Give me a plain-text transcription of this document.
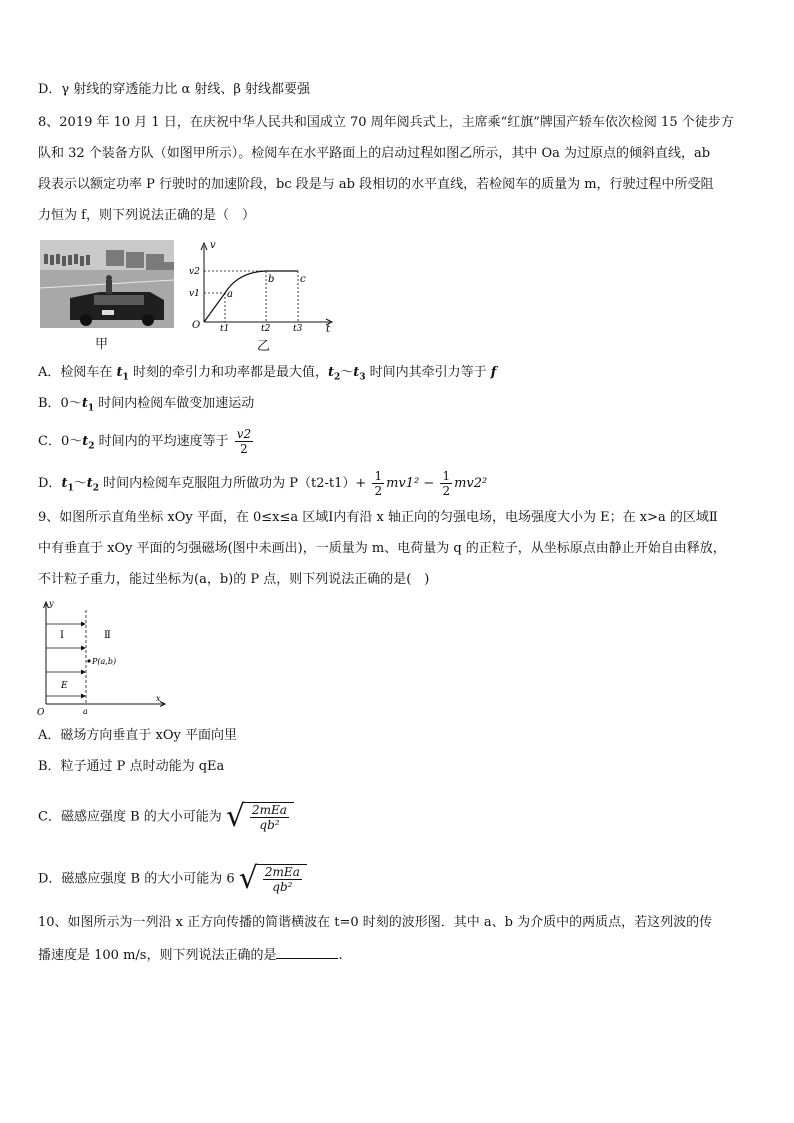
D．γ 射线的穿透能力比 α 射线、β 射线都要强
8、2019 年 10 月 1 日，在庆祝中华人民共和国成立 70 周年阅兵式上，主席乘“红旗”牌国产轿车依次检阅 15 个徒步方
队和 32 个装备方队（如图甲所示）。检阅车在水平路面上的启动过程如图乙所示，其中 Oa 为过原点的倾斜直线，ab
段表示以额定功率 P 行驶时的加速阶段，bc 段是与 ab 段相切的水平直线，若检阅车的质量为 m，行驶过程中所受阻
力恒为 f，则下列说法正确的是（　）
甲
v
t
O
v1
v2
t1	t2	t3
a
b	c
乙
A．检阅车在 $t_1$ 时刻的牵引力和功率都是最大值，$t_2\sim t_3$ 时间内其牵引力等于 f
B．$0\sim t_1$ 时间内检阅车做变加速运动
C．$0\sim t_2$ 时间内的平均速度等于 $\frac{v2}{2}$
D．$t_1\sim t_2$ 时间内检阅车克服阻力所做功为 $P(t2-t1)+ \frac{1}{2} mv1^2 - \frac{1}{2} mv2^2$
9、如图所示直角坐标 xOy 平面，在 0≤x≤a 区域Ⅰ内有沿 x 轴正向的匀强电场，电场强度大小为 E；在 x>a 的区域Ⅱ
中有垂直于 xOy 平面的匀强磁场(图中未画出)，一质量为 m、电荷量为 q 的正粒子，从坐标原点由静止开始自由释放，
不计粒子重力，能过坐标为(a，b)的 P 点，则下列说法正确的是(　)
y
x
O	a
Ⅰ	Ⅱ
E
P(a,b)
A．磁场方向垂直于 xOy 平面向里
B．粒子通过 P 点时动能为 qEa
C．磁感应强度 B 的大小可能为 √ $\frac{\text{2mEa}}{\text{qb²}}$
D．磁感应强度 B 的大小可能为 6 √ $\frac{\text{2mEa}}{\text{qb²}}$
10、如图所示为一列沿 x 正方向传播的简谐横波在 t=0 时刻的波形图．其中 a、b 为介质中的两质点，若这列波的传
播速度是 100 m/s，则下列说法正确的是	.
